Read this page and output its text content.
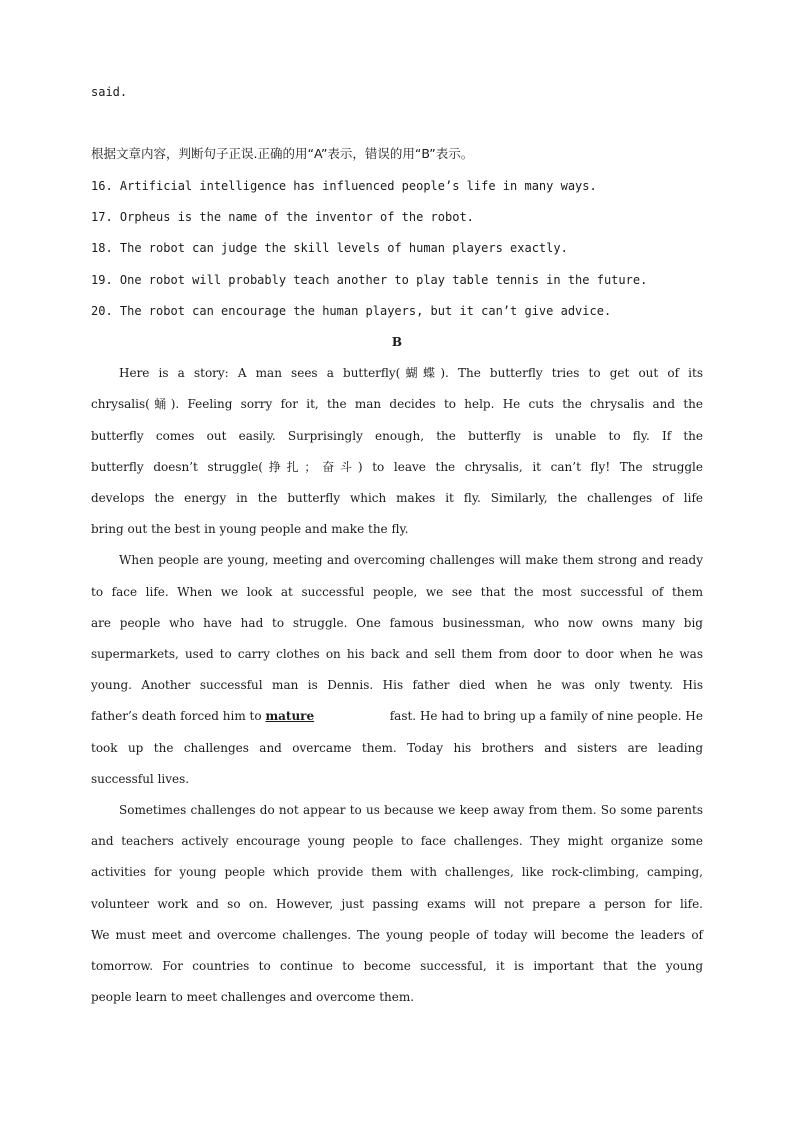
said.
根据文章内容，判断句子正误.正确的用“A”表示，错误的用“B”表示。
16. Artificial intelligence has influenced people’s life in many ways.
17. Orpheus is the name of the inventor of the robot.
18. The robot can judge the skill levels of human players exactly.
19. One robot will probably teach another to play table tennis in the future.
20. The robot can encourage the human players, but it can’t give advice.
B
Here is a story: A man sees a butterfly(蝴蝶). The butterfly tries to get out of its
chrysalis(蛹). Feeling sorry for it, the man decides to help. He cuts the chrysalis and the
butterfly comes out easily. Surprisingly enough, the butterfly is unable to fly. If the
butterfly doesn’t struggle(挣扎；奋斗) to leave the chrysalis, it can’t fly! The struggle
develops the energy in the butterfly which makes it fly. Similarly, the challenges of life
bring out the best in young people and make the fly.
When people are young, meeting and overcoming challenges will make them strong and ready
to face life. When we look at successful people, we see that the most successful of them
are people who have had to struggle. One famous businessman, who now owns many big
supermarkets, used to carry clothes on his back and sell them from door to door when he was
young. Another successful man is Dennis. His father died when he was only twenty. His
father’s death forced him to mature	fast. He had to bring up a family of nine people. He
took up the challenges and overcame them. Today his brothers and sisters are leading
successful lives.
Sometimes challenges do not appear to us because we keep away from them. So some parents
and teachers actively encourage young people to face challenges. They might organize some
activities for young people which provide them with challenges, like rock-climbing, camping,
volunteer work and so on. However, just passing exams will not prepare a person for life.
We must meet and overcome challenges. The young people of today will become the leaders of
tomorrow. For countries to continue to become successful, it is important that the young
people learn to meet challenges and overcome them.
